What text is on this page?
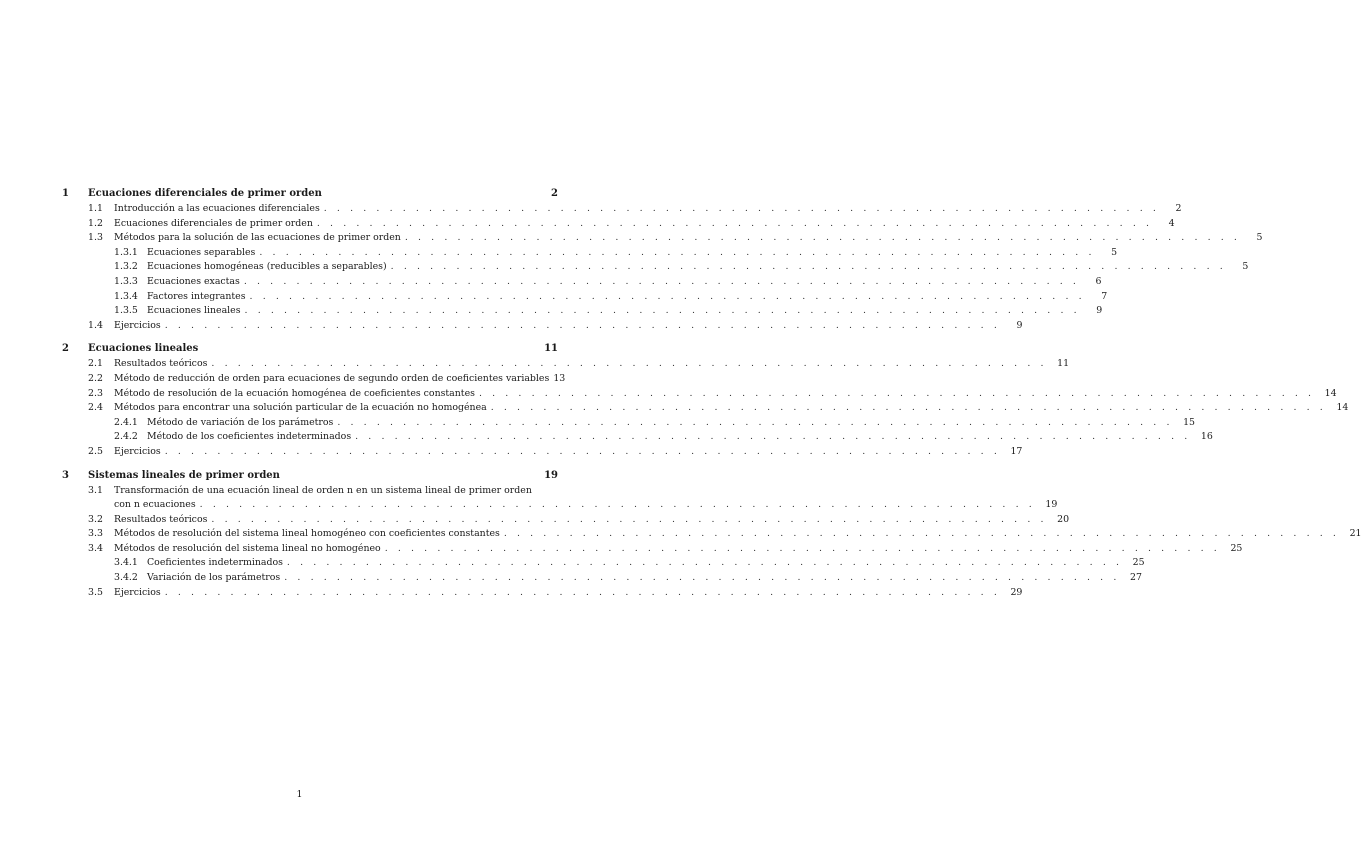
1	Ecuaciones diferenciales de primer orden	2
1.1	Introducción a las ecuaciones diferenciales . . . . . . . . . . . . . . . . . . . . . . . . . . . . . . . . . . . . . . . . . . . . . . . . . . . . . . . . . . . . . . . .	2
1.2	Ecuaciones diferenciales de primer orden . . . . . . . . . . . . . . . . . . . . . . . . . . . . . . . . . . . . . . . . . . . . . . . . . . . . . . . . . . . . . . . .	4
1.3	Métodos para la solución de las ecuaciones de primer orden . . . . . . . . . . . . . . . . . . . . . . . . . . . . . . . . . . . . . . . . . . . . . . . . . . . . . . . . . . . . . . . .	5
1.3.1 Ecuaciones separables . . . . . . . . . . . . . . . . . . . . . . . . . . . . . . . . . . . . . . . . . . . . . . . . . . . . . . . . . . . . . . . .	5
1.3.2 Ecuaciones homogéneas (reducibles a separables) . . . . . . . . . . . . . . . . . . . . . . . . . . . . . . . . . . . . . . . . . . . . . . . . . . . . . . . . . . . . . . . .	5
1.3.3 Ecuaciones exactas . . . . . . . . . . . . . . . . . . . . . . . . . . . . . . . . . . . . . . . . . . . . . . . . . . . . . . . . . . . . . . . .	6
1.3.4 Factores integrantes . . . . . . . . . . . . . . . . . . . . . . . . . . . . . . . . . . . . . . . . . . . . . . . . . . . . . . . . . . . . . . . .	7
1.3.5 Ecuaciones lineales . . . . . . . . . . . . . . . . . . . . . . . . . . . . . . . . . . . . . . . . . . . . . . . . . . . . . . . . . . . . . . . .	9
1.4	Ejercicios . . . . . . . . . . . . . . . . . . . . . . . . . . . . . . . . . . . . . . . . . . . . . . . . . . . . . . . . . . . . . . . .	9
2	Ecuaciones lineales	11
2.1	Resultados teóricos . . . . . . . . . . . . . . . . . . . . . . . . . . . . . . . . . . . . . . . . . . . . . . . . . . . . . . . . . . . . . . . .	11
2.2	Método de reducción de orden para ecuaciones de segundo orden de coeficientes variables 13
2.3	Método de resolución de la ecuación homogénea de coeficientes constantes . . . . . . . . . . . . . . . . . . . . . . . . . . . . . . . . . . . . . . . . . . . . . . . . . . . . . . . . . . . . . . . .	14
2.4	Métodos para encontrar una solución particular de la ecuación no homogénea . . . . . . . . . . . . . . . . . . . . . . . . . . . . . . . . . . . . . . . . . . . . . . . . . . . . . . . . . . . . . . . .	14
2.4.1 Método de variación de los parámetros . . . . . . . . . . . . . . . . . . . . . . . . . . . . . . . . . . . . . . . . . . . . . . . . . . . . . . . . . . . . . . . .	15
2.4.2 Método de los coeficientes indeterminados . . . . . . . . . . . . . . . . . . . . . . . . . . . . . . . . . . . . . . . . . . . . . . . . . . . . . . . . . . . . . . . .	16
2.5	Ejercicios . . . . . . . . . . . . . . . . . . . . . . . . . . . . . . . . . . . . . . . . . . . . . . . . . . . . . . . . . . . . . . . .	17
3	Sistemas lineales de primer orden	19
3.1	Transformación de una ecuación lineal de orden n en un sistema lineal de primer orden
con n ecuaciones . . . . . . . . . . . . . . . . . . . . . . . . . . . . . . . . . . . . . . . . . . . . . . . . . . . . . . . . . . . . . . . .	19
3.2	Resultados teóricos . . . . . . . . . . . . . . . . . . . . . . . . . . . . . . . . . . . . . . . . . . . . . . . . . . . . . . . . . . . . . . . .	20
3.3	Métodos de resolución del sistema lineal homogéneo con coeficientes constantes . . . . . . . . . . . . . . . . . . . . . . . . . . . . . . . . . . . . . . . . . . . . . . . . . . . . . . . . . . . . . . . .	21
3.4	Métodos de resolución del sistema lineal no homogéneo . . . . . . . . . . . . . . . . . . . . . . . . . . . . . . . . . . . . . . . . . . . . . . . . . . . . . . . . . . . . . . . .	25
3.4.1 Coeficientes indeterminados . . . . . . . . . . . . . . . . . . . . . . . . . . . . . . . . . . . . . . . . . . . . . . . . . . . . . . . . . . . . . . . .	25
3.4.2 Variación de los parámetros . . . . . . . . . . . . . . . . . . . . . . . . . . . . . . . . . . . . . . . . . . . . . . . . . . . . . . . . . . . . . . . .	27
3.5	Ejercicios . . . . . . . . . . . . . . . . . . . . . . . . . . . . . . . . . . . . . . . . . . . . . . . . . . . . . . . . . . . . . . . .	29
1
